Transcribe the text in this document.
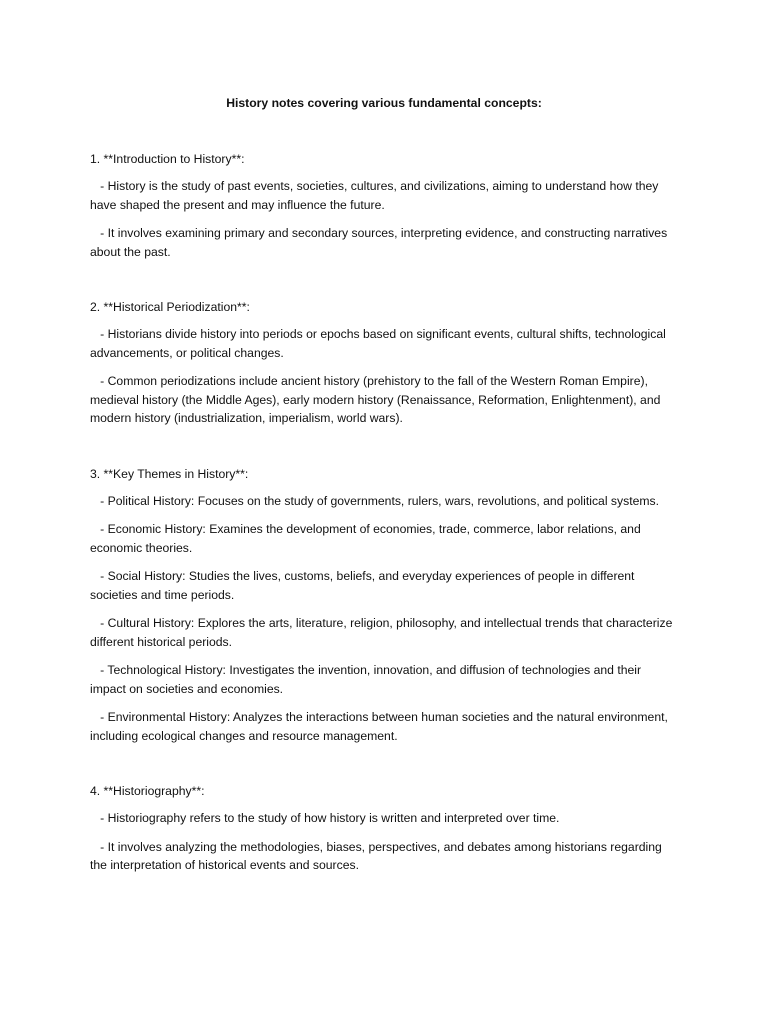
History notes covering various fundamental concepts:

1. **Introduction to History**:

- History is the study of past events, societies, cultures, and civilizations, aiming to understand how they have shaped the present and may influence the future.

- It involves examining primary and secondary sources, interpreting evidence, and constructing narratives about the past.

2. **Historical Periodization**:

- Historians divide history into periods or epochs based on significant events, cultural shifts, technological advancements, or political changes.

- Common periodizations include ancient history (prehistory to the fall of the Western Roman Empire), medieval history (the Middle Ages), early modern history (Renaissance, Reformation, Enlightenment), and modern history (industrialization, imperialism, world wars).

3. **Key Themes in History**:

- Political History: Focuses on the study of governments, rulers, wars, revolutions, and political systems.

- Economic History: Examines the development of economies, trade, commerce, labor relations, and economic theories.

- Social History: Studies the lives, customs, beliefs, and everyday experiences of people in different societies and time periods.

- Cultural History: Explores the arts, literature, religion, philosophy, and intellectual trends that characterize different historical periods.

- Technological History: Investigates the invention, innovation, and diffusion of technologies and their impact on societies and economies.

- Environmental History: Analyzes the interactions between human societies and the natural environment, including ecological changes and resource management.

4. **Historiography**:

- Historiography refers to the study of how history is written and interpreted over time.

- It involves analyzing the methodologies, biases, perspectives, and debates among historians regarding the interpretation of historical events and sources.
